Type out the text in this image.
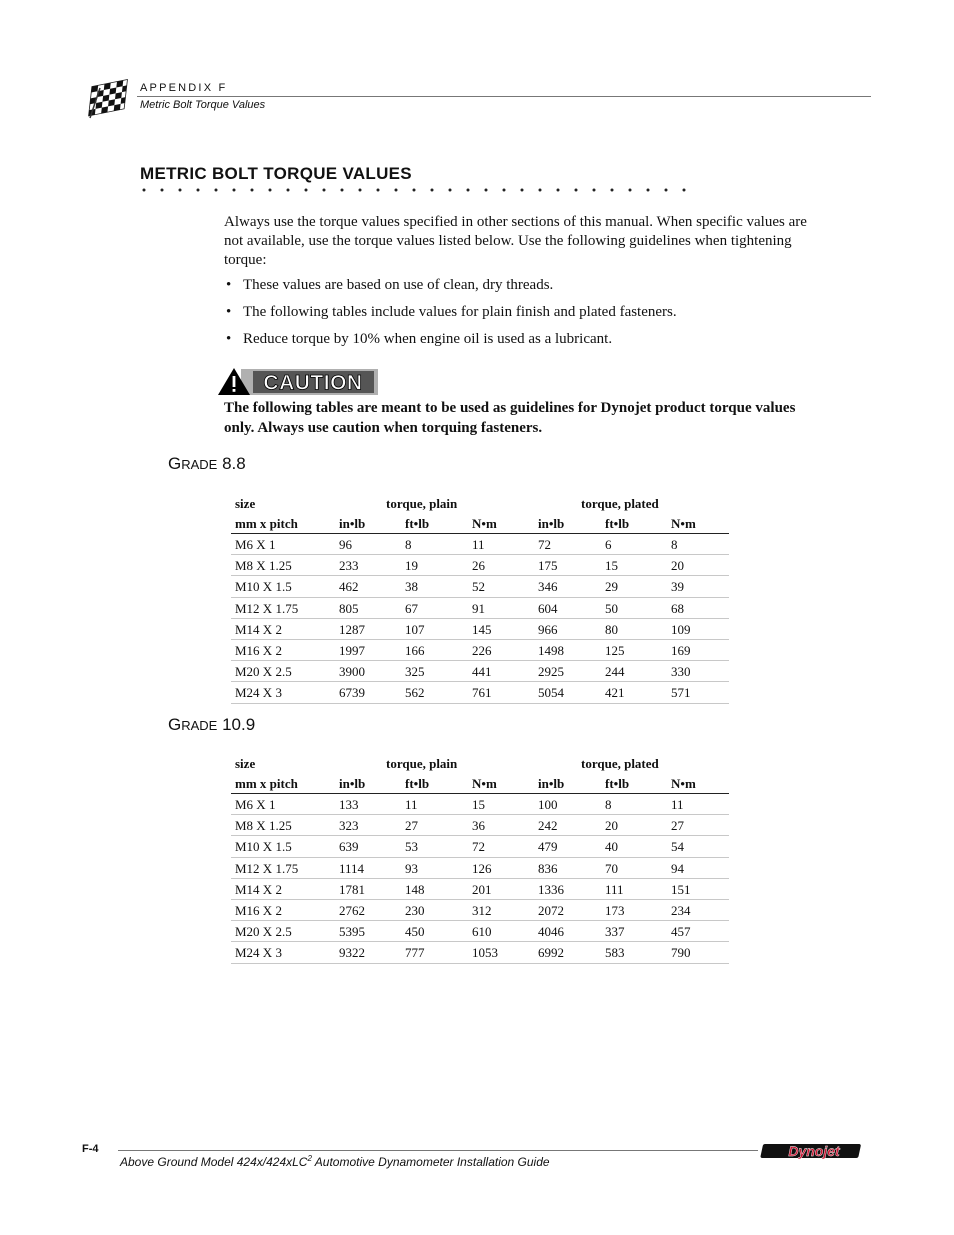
APPENDIX F
Metric Bolt Torque Values
METRIC BOLT TORQUE VALUES
Always use the torque values specified in other sections of this manual. When specific values are not available, use the torque values listed below. Use the following guidelines when tightening torque:
• These values are based on use of clean, dry threads.
• The following tables include values for plain finish and plated fasteners.
• Reduce torque by 10% when engine oil is used as a lubricant.
CAUTION
The following tables are meant to be used as guidelines for Dynojet product torque values only. Always use caution when torquing fasteners.
GRADE 8.8
size	torque, plain	torque, plated
mm x pitch	in•lb	ft•lb	N•m	in•lb	ft•lb	N•m
M6 X 1	96	8	11	72	6	8
M8 X 1.25	233	19	26	175	15	20
M10 X 1.5	462	38	52	346	29	39
M12 X 1.75	805	67	91	604	50	68
M14 X 2	1287	107	145	966	80	109
M16 X 2	1997	166	226	1498	125	169
M20 X 2.5	3900	325	441	2925	244	330
M24 X 3	6739	562	761	5054	421	571
GRADE 10.9
size	torque, plain	torque, plated
mm x pitch	in•lb	ft•lb	N•m	in•lb	ft•lb	N•m
M6 X 1	133	11	15	100	8	11
M8 X 1.25	323	27	36	242	20	27
M10 X 1.5	639	53	72	479	40	54
M12 X 1.75	1114	93	126	836	70	94
M14 X 2	1781	148	201	1336	111	151
M16 X 2	2762	230	312	2072	173	234
M20 X 2.5	5395	450	610	4046	337	457
M24 X 3	9322	777	1053	6992	583	790
F-4
Above Ground Model 424x/424xLC$^2$ Automotive Dynamometer Installation Guide
Dynojet
